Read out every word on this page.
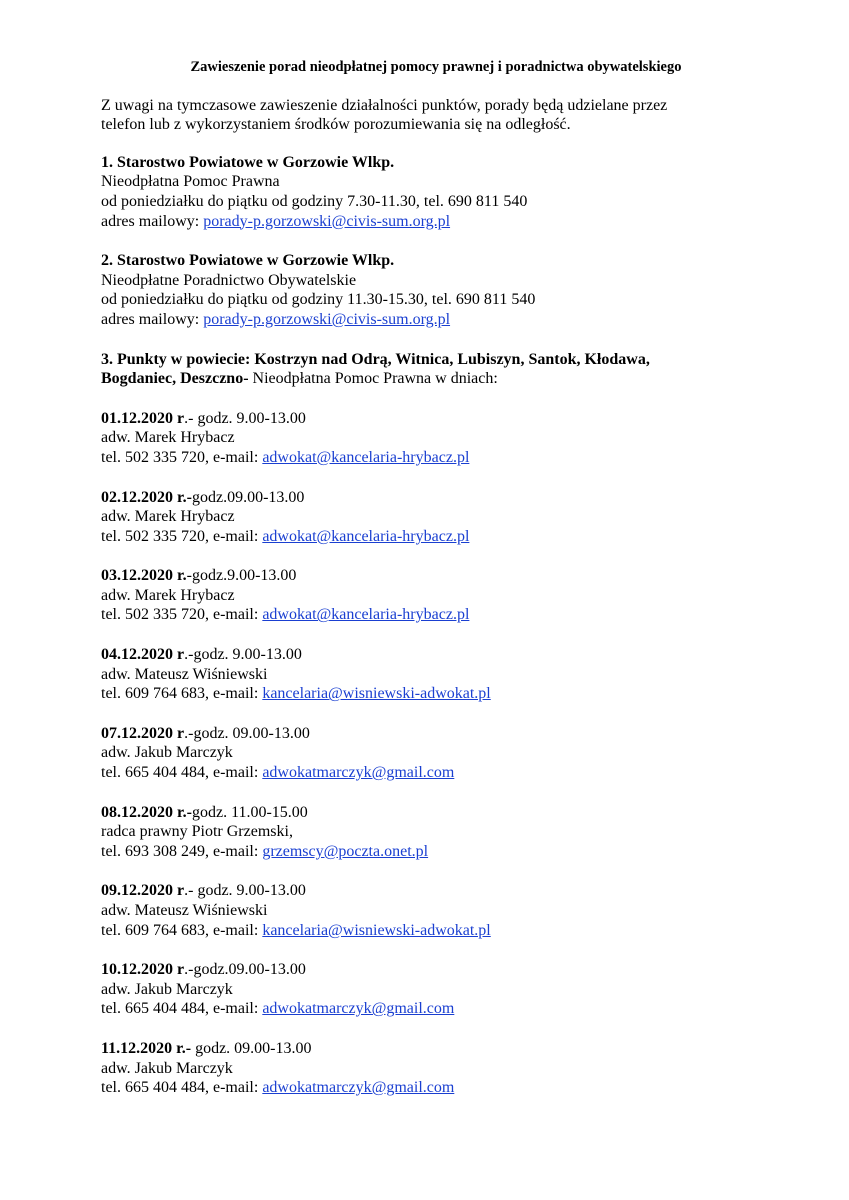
Zawieszenie porad nieodpłatnej pomocy prawnej i poradnictwa obywatelskiego
Z uwagi na tymczasowe zawieszenie działalności punktów, porady będą udzielane przez
telefon lub z wykorzystaniem środków porozumiewania się na odległość.
1. Starostwo Powiatowe w Gorzowie Wlkp.
Nieodpłatna Pomoc Prawna
od poniedziałku do piątku od godziny 7.30-11.30, tel. 690 811 540
adres mailowy: porady-p.gorzowski@civis-sum.org.pl
2. Starostwo Powiatowe w Gorzowie Wlkp.
Nieodpłatne Poradnictwo Obywatelskie
od poniedziałku do piątku od godziny 11.30-15.30, tel. 690 811 540
adres mailowy: porady-p.gorzowski@civis-sum.org.pl
3. Punkty w powiecie: Kostrzyn nad Odrą, Witnica, Lubiszyn, Santok, Kłodawa,
Bogdaniec, Deszczno- Nieodpłatna Pomoc Prawna w dniach:
01.12.2020 r.- godz. 9.00-13.00
adw. Marek Hrybacz
tel. 502 335 720, e-mail: adwokat@kancelaria-hrybacz.pl
02.12.2020 r.-godz.09.00-13.00
adw. Marek Hrybacz
tel. 502 335 720, e-mail: adwokat@kancelaria-hrybacz.pl
03.12.2020 r.-godz.9.00-13.00
adw. Marek Hrybacz
tel. 502 335 720, e-mail: adwokat@kancelaria-hrybacz.pl
04.12.2020 r.-godz. 9.00-13.00
adw. Mateusz Wiśniewski
tel. 609 764 683, e-mail: kancelaria@wisniewski-adwokat.pl
07.12.2020 r.-godz. 09.00-13.00
adw. Jakub Marczyk
tel. 665 404 484, e-mail: adwokatmarczyk@gmail.com
08.12.2020 r.-godz. 11.00-15.00
radca prawny Piotr Grzemski,
tel. 693 308 249, e-mail: grzemscy@poczta.onet.pl
09.12.2020 r.- godz. 9.00-13.00
adw. Mateusz Wiśniewski
tel. 609 764 683, e-mail: kancelaria@wisniewski-adwokat.pl
10.12.2020 r.-godz.09.00-13.00
adw. Jakub Marczyk
tel. 665 404 484, e-mail: adwokatmarczyk@gmail.com
11.12.2020 r.- godz. 09.00-13.00
adw. Jakub Marczyk
tel. 665 404 484, e-mail: adwokatmarczyk@gmail.com
